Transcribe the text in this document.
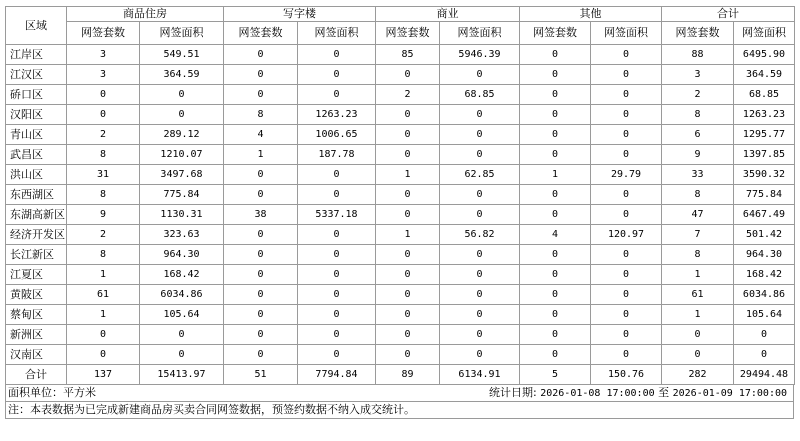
区域	商品住房		写字楼		商业		其他		合计	
	网签套数	网签面积	网签套数	网签面积	网签套数	网签面积	网签套数	网签面积	网签套数	网签面积
江岸区	3	549.51	0	0	85	5946.39	0	0	88	6495.90
江汉区	3	364.59	0	0	0	0	0	0	3	364.59
硚口区	0	0	0	0	2	68.85	0	0	2	68.85
汉阳区	0	0	8	1263.23	0	0	0	0	8	1263.23
青山区	2	289.12	4	1006.65	0	0	0	0	6	1295.77
武昌区	8	1210.07	1	187.78	0	0	0	0	9	1397.85
洪山区	31	3497.68	0	0	1	62.85	1	29.79	33	3590.32
东西湖区	8	775.84	0	0	0	0	0	0	8	775.84
东湖高新区	9	1130.31	38	5337.18	0	0	0	0	47	6467.49
经济开发区	2	323.63	0	0	1	56.82	4	120.97	7	501.42
长江新区	8	964.30	0	0	0	0	0	0	8	964.30
江夏区	1	168.42	0	0	0	0	0	0	1	168.42
黄陂区	61	6034.86	0	0	0	0	0	0	61	6034.86
蔡甸区	1	105.64	0	0	0	0	0	0	1	105.64
新洲区	0	0	0	0	0	0	0	0	0	0
汉南区	0	0	0	0	0	0	0	0	0	0
合计	137	15413.97	51	7794.84	89	6134.91	5	150.76	282	29494.48
面积单位：平方米	统计日期: 2026-01-08 17:00:00 至 2026-01-09 17:00:00
注：本表数据为已完成新建商品房买卖合同网签数据，预签约数据不纳入成交统计。
